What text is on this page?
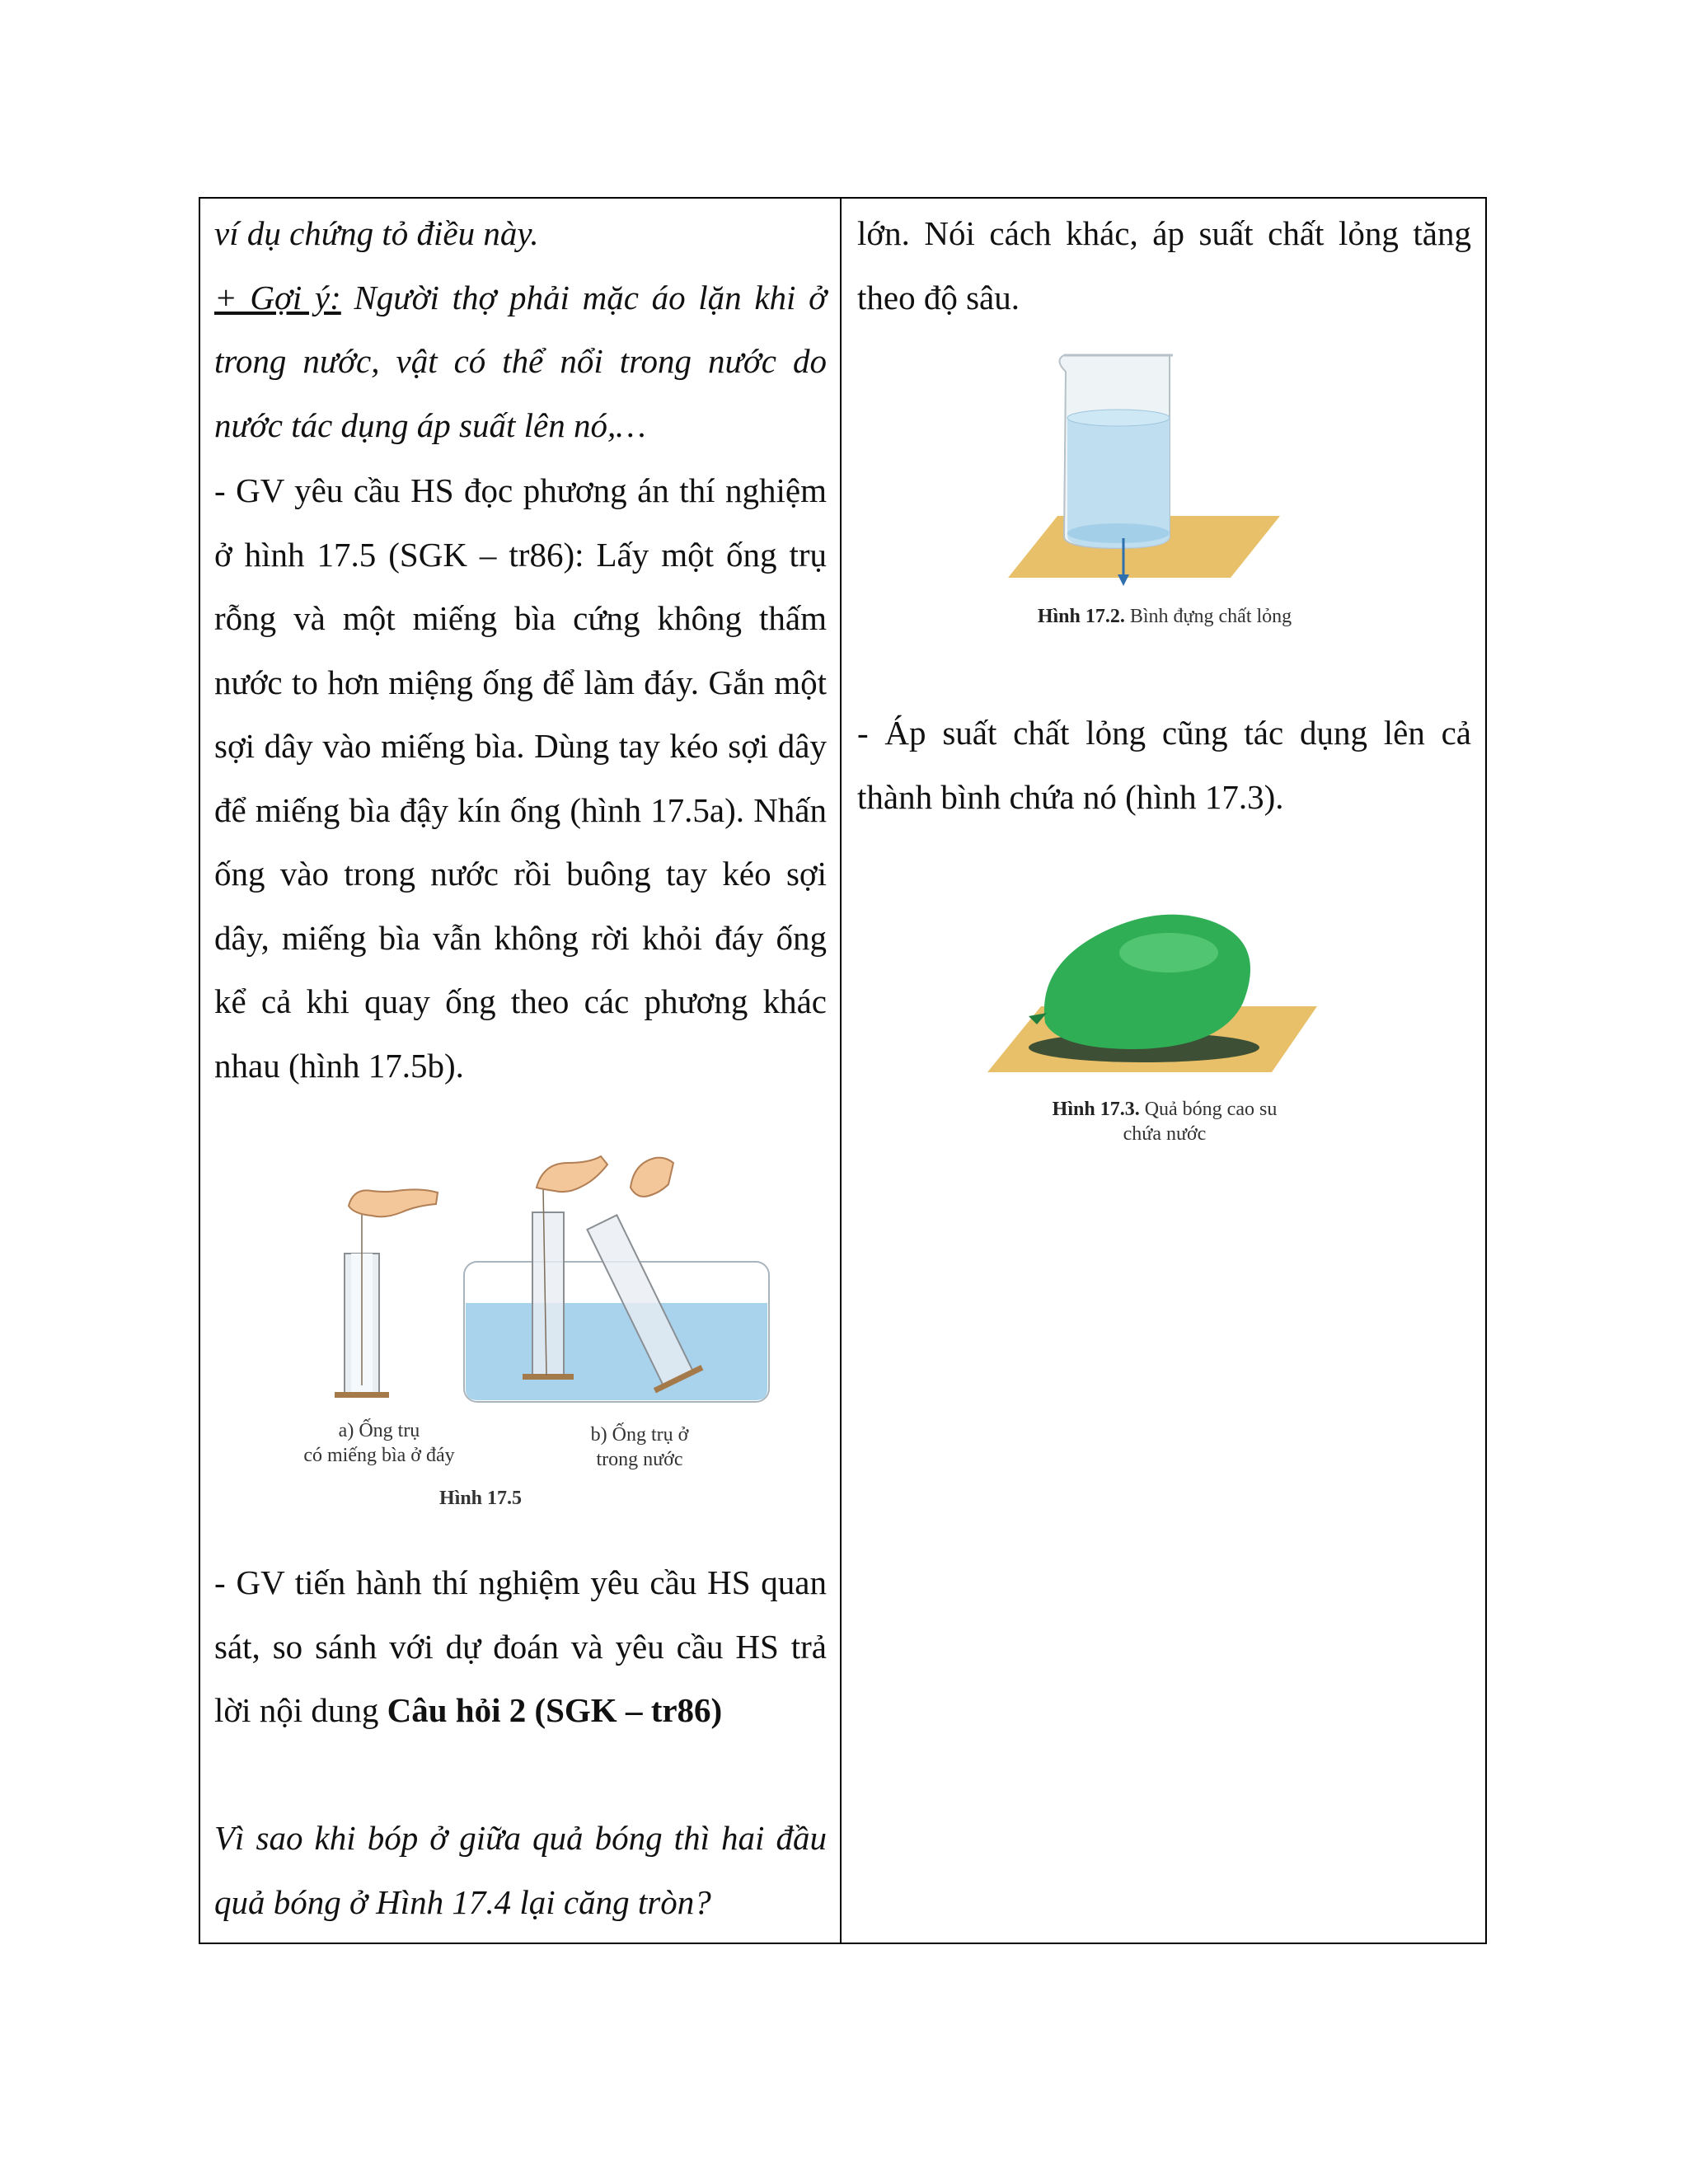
ví dụ chứng tỏ điều này.
+ Gợi ý: Người thợ phải mặc áo lặn khi ở trong nước, vật có thể nổi trong nước do nước tác dụng áp suất lên nó,…
- GV yêu cầu HS đọc phương án thí nghiệm ở hình 17.5 (SGK – tr86): Lấy một ống trụ rỗng và một miếng bìa cứng không thấm nước to hơn miệng ống để làm đáy. Gắn một sợi dây vào miếng bìa. Dùng tay kéo sợi dây để miếng bìa đậy kín ống (hình 17.5a). Nhấn ống vào trong nước rồi buông tay kéo sợi dây, miếng bìa vẫn không rời khỏi đáy ống kể cả khi quay ống theo các phương khác nhau (hình 17.5b).
a) Ống trụ
có miếng bìa ở đáy
b) Ống trụ ở
trong nước
Hình 17.5
- GV tiến hành thí nghiệm yêu cầu HS quan sát, so sánh với dự đoán và yêu cầu HS trả lời nội dung Câu hỏi 2 (SGK – tr86)
Vì sao khi bóp ở giữa quả bóng thì hai đầu quả bóng ở Hình 17.4 lại căng tròn?
lớn. Nói cách khác, áp suất chất lỏng tăng theo độ sâu.
Hình 17.2. Bình đựng chất lỏng
- Áp suất chất lỏng cũng tác dụng lên cả thành bình chứa nó (hình 17.3).
Hình 17.3. Quả bóng cao su
chứa nước
